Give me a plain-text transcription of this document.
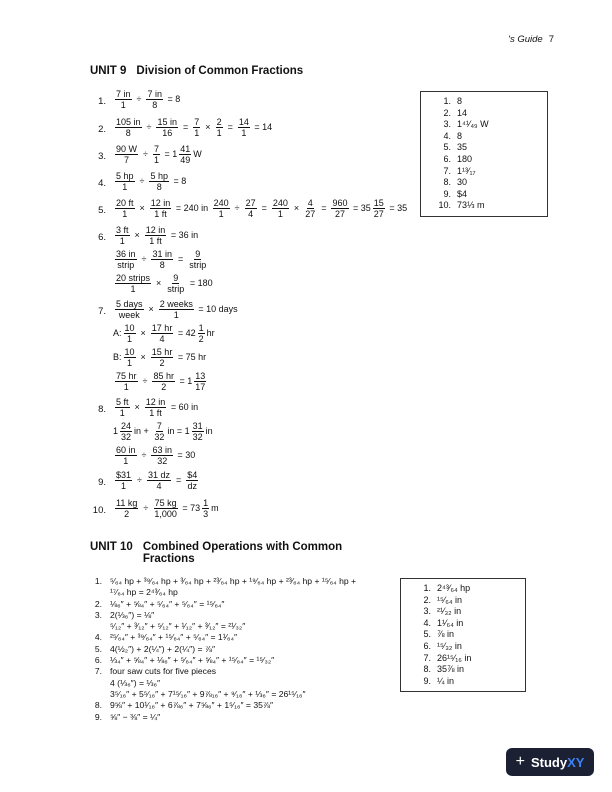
's Guide 7
UNIT 9 Division of Common Fractions
1. 8
2. 14
3. 1⁴¹⁄₄₉ W
4. 8
5. 35
6. 180
7. 1¹³⁄₁₇
8. 30
9. $4
10. 73⅓ m
1. $\frac{7 in}{1} \div \frac{7 in}{8} = 8$
2. $\frac{105 in}{8} \div \frac{15 in}{16} = \frac{7}{1} \times \frac{2}{1} = \frac{14}{1} = 14$
3. $\frac{90 W}{7} \div \frac{7}{1} = 1 \frac{41}{49}$ W
4. $\frac{5 hp}{1} \div \frac{5 hp}{8} = 8$
5. $\frac{20 ft}{1} \times \frac{12 in}{1 ft} = 240$ in $\frac{240}{1} \div \frac{27}{4} = \frac{240}{1} \times \frac{4}{27} = \frac{960}{27} = 35 \frac{15}{27} = 35$
6. $\frac{3 ft}{1} \times \frac{12 in}{1 ft} = 36$ in
$\frac{36 in}{\text{strip}} \div \frac{31 in}{8} = \frac{9}{\text{strip}}$
$\frac{\text{20 strips}}{1} \times \frac{9}{\text{strip}} = 180$
7. $\frac{\text{5 days}}{\text{week}} \times \frac{\text{2 weeks}}{1} = 10$ days
A: $\frac{10}{1} \times \frac{17 hr}{4} = 42 \frac{1}{2}$ hr
B: $\frac{10}{1} \times \frac{15 hr}{2} = 75$ hr
$\frac{75 hr}{1} \div \frac{85 hr}{2} = 1 \frac{13}{17}$
8. $\frac{5 ft}{1} \times \frac{12 in}{1 ft} = 60$ in
$1 \frac{24}{32}$ in + $\frac{7}{32}$ in = $1 \frac{31}{32}$ in
$\frac{60 in}{1} \div \frac{63 in}{32} = 30$
9. $\frac{\$31}{1} \div \frac{31 dz}{4} = \frac{\$4}{dz}$
10. $\frac{11 kg}{2} \div \frac{75 kg}{1,000} = 73 \frac{1}{3}$ m
UNIT 10 Combined Operations with Common Fractions
1. ⁵⁄₆₄ hp + ³⁹⁄₆₄ hp + ³⁄₆₄ hp + ²³⁄₆₄ hp + ¹⁹⁄₆₄ hp + ²³⁄₆₄ hp + ¹⁵⁄₆₄ hp +
¹⁷⁄₆₄ hp = 2⁴³⁄₆₄ hp
2. ⅛₆″ + ⅝₄″ + ⁵⁄₆₄″ + ⁵⁄₆₄″ = ¹⁵⁄₆₄″
3. 2(⅓₆″) = ⅛″
⁵⁄₁₂″ + ³⁄₁₂″ + ⁵⁄₁₂″ + ¹⁄₁₂″ + ³⁄₁₂″ = ²¹⁄₃₂″
4. ²⁵⁄₆₄″ + ³⁹⁄₆₄″ + ¹⁵⁄₆₄″ + ⁵⁄₆₄″ = 1¹⁄₆₄″
5. 4(½₂″) + 2(¼″) + 2(¼″) = ⅞″
6. ⅓₄″ + ⅝₄″ + ⅛₆″ + ⁵⁄₆₄″ + ⅝₄″ + ¹⁵⁄₆₄″ = ¹⁵⁄₃₂″
7. four saw cuts for five pieces
4 (⅓₆″) = ⅓₆″
3⁵⁄₁₆″ + 5⁵⁄₁₆″ + 7¹⁵⁄₁₆″ + 9⅞₁₆″ + ⁹⁄₁₆″ + ⅓₆″ = 26¹⁵⁄₁₆″
8. 9⅝″ + 10¹⁄₁₆″ + 6⅞₆″ + 7⅝₆″ + 1⁵⁄₁₆″ = 35⅞″
9. ⅝″ − ⅜″ = ¼″
1. 2⁴³⁄₆₄ hp
2. ¹⁵⁄₆₄ in
3. ²¹⁄₃₂ in
4. 1¹⁄₆₄ in
5. ⅞ in
6. ¹⁵⁄₃₂ in
7. 26¹⁵⁄₁₆ in
8. 35⅞ in
9. ¼ in
+ StudyXY
